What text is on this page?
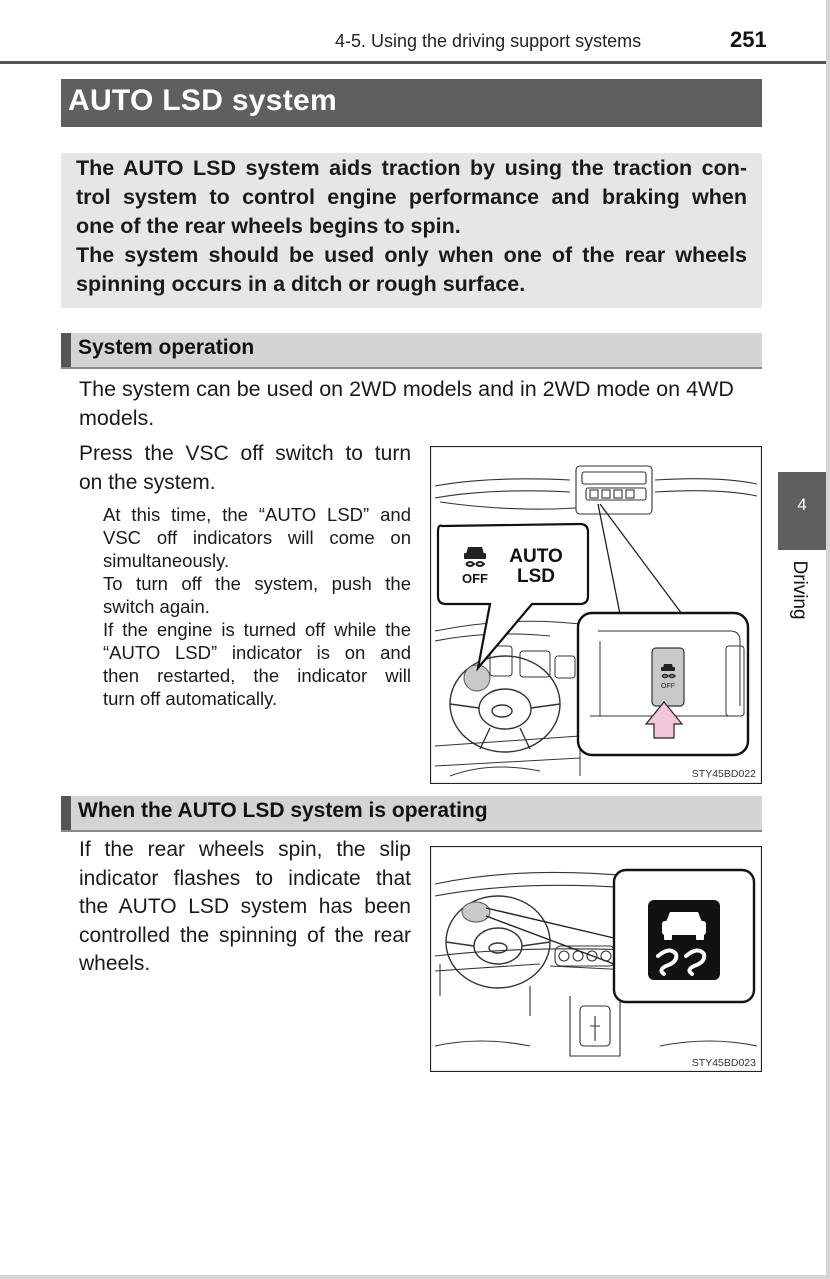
4-5. Using the driving support systems	251
AUTO LSD system

The AUTO LSD system aids traction by using the traction con-

trol system to control engine performance and braking when

one of the rear wheels begins to spin.

The system should be used only when one of the rear wheels

spinning occurs in a ditch or rough surface.

System operation
The system can be used on 2WD models and in 2WD mode on 4WD models.
Press the VSC off switch to turn
on the system.
At this time, the “AUTO LSD” and
VSC off indicators will come on
simultaneously.
To turn off the system, push the
switch again.
If the engine is turned off while the
“AUTO LSD” indicator is on and
then restarted, the indicator will
turn off automatically.
OFF
AUTO
LSD
OFF
STY45BD022
When the AUTO LSD system is operating
If the rear wheels spin, the slip
indicator flashes to indicate that
the AUTO LSD system has been
controlled the spinning of the rear
wheels.
STY45BD023
4
Driving
